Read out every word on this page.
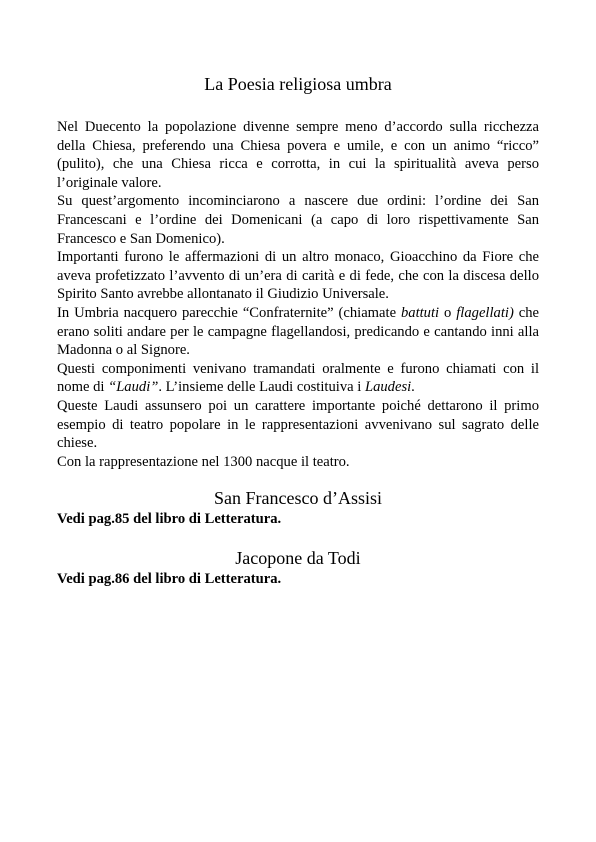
La Poesia religiosa umbra

Nel Duecento la popolazione divenne sempre meno d’accordo sulla ricchezza della Chiesa, preferendo una Chiesa povera e umile, e con un animo “ricco” (pulito), che una Chiesa ricca e corrotta, in cui la spiritualità aveva perso l’originale valore.

Su quest’argomento incominciarono a nascere due ordini: l’ordine dei San Francescani e l’ordine dei Domenicani (a capo di loro rispettivamente San Francesco e San Domenico).

Importanti furono le affermazioni di un altro monaco, Gioacchino da Fiore che aveva profetizzato l’avvento di un’era di carità e di fede, che con la discesa dello Spirito Santo avrebbe allontanato il Giudizio Universale.

In Umbria nacquero parecchie “Confraternite” (chiamate battuti o flagellati) che erano soliti andare per le campagne flagellandosi, predicando e cantando inni alla Madonna o al Signore.

Questi componimenti venivano tramandati oralmente e furono chiamati con il nome di “Laudi”. L’insieme delle Laudi costituiva i Laudesi.

Queste Laudi assunsero poi un carattere importante poiché dettarono il primo esempio di teatro popolare in le rappresentazioni avvenivano sul sagrato delle chiese.

Con la rappresentazione nel 1300 nacque il teatro.

San Francesco d’Assisi

Vedi pag.85 del libro di Letteratura.

Jacopone da Todi

Vedi pag.86 del libro di Letteratura.
